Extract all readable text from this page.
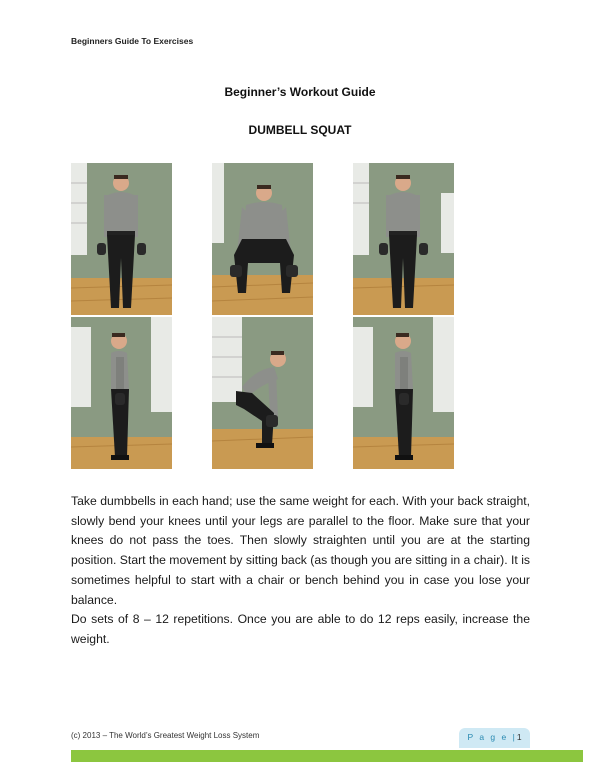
Beginners Guide To Exercises
Beginner’s Workout Guide
DUMBELL SQUAT

Take dumbbells in each hand; use the same weight for each. With your back straight, slowly bend your knees until your legs are parallel to the floor. Make sure that your knees do not pass the toes. Then slowly straighten until you are at the starting position. Start the movement by sitting back (as though you are sitting in a chair). It is sometimes helpful to start with a chair or bench behind you in case you lose your balance.

Do sets of 8 – 12 repetitions. Once you are able to do 12 reps easily, increase the weight.

(c) 2013 – The World’s Greatest Weight Loss System	P a g e |1
